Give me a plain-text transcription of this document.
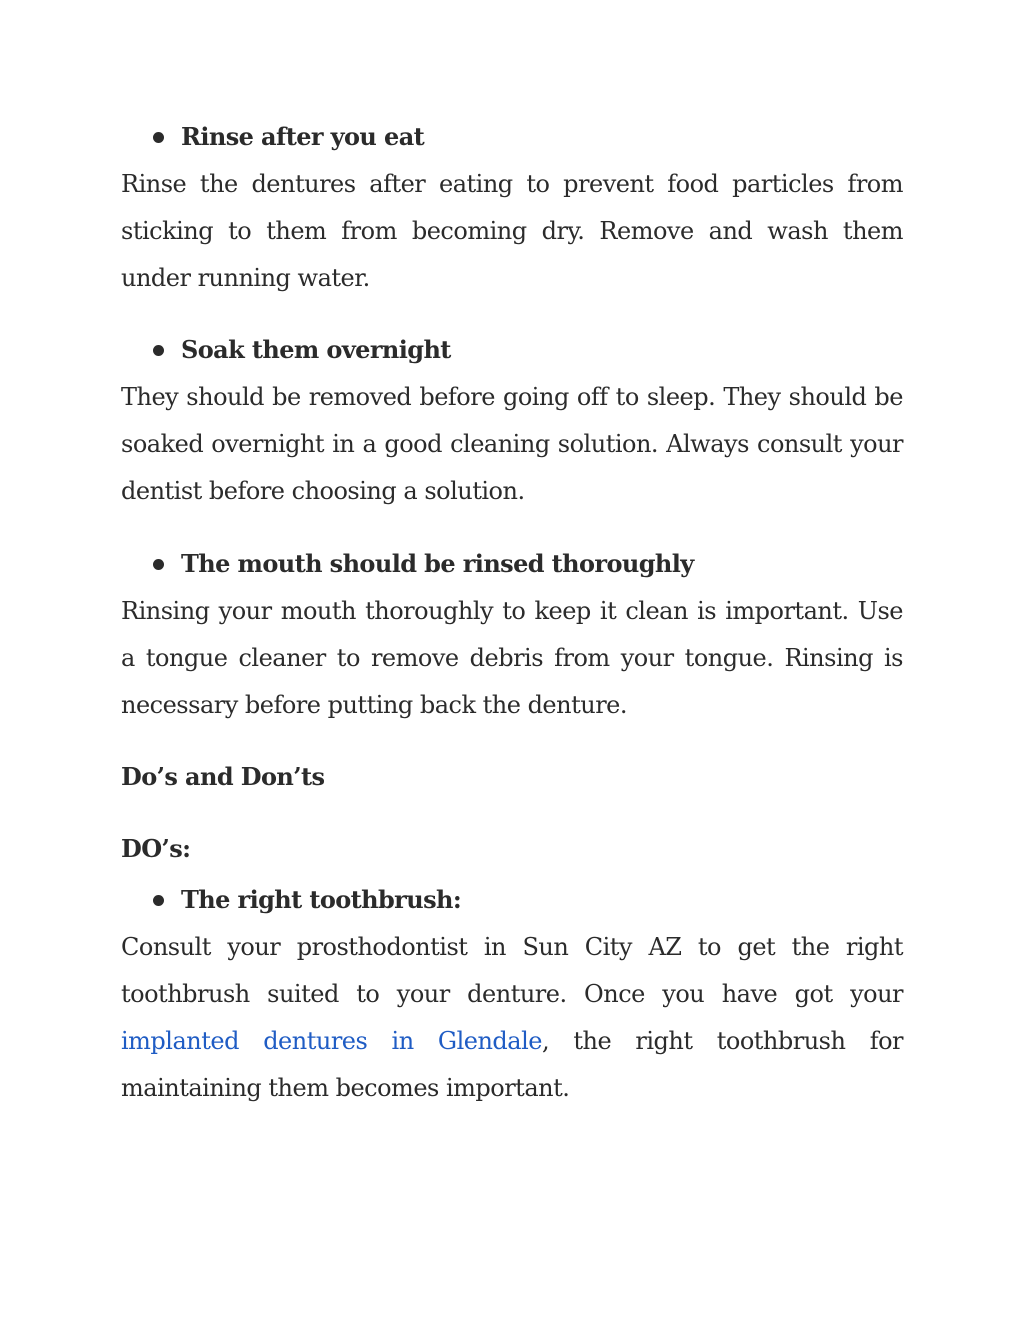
Rinse after you eat
Rinse the dentures after eating to prevent food particles from sticking to them from becoming dry. Remove and wash them under running water.
Soak them overnight
They should be removed before going off to sleep. They should be soaked overnight in a good cleaning solution. Always consult your dentist before choosing a solution.
The mouth should be rinsed thoroughly
Rinsing your mouth thoroughly to keep it clean is important. Use a tongue cleaner to remove debris from your tongue. Rinsing is necessary before putting back the denture.
Do’s and Don’ts
DO’s:
The right toothbrush:
Consult your prosthodontist in Sun City AZ to get the right toothbrush suited to your denture. Once you have got your implanted dentures in Glendale, the right toothbrush for maintaining them becomes important.
